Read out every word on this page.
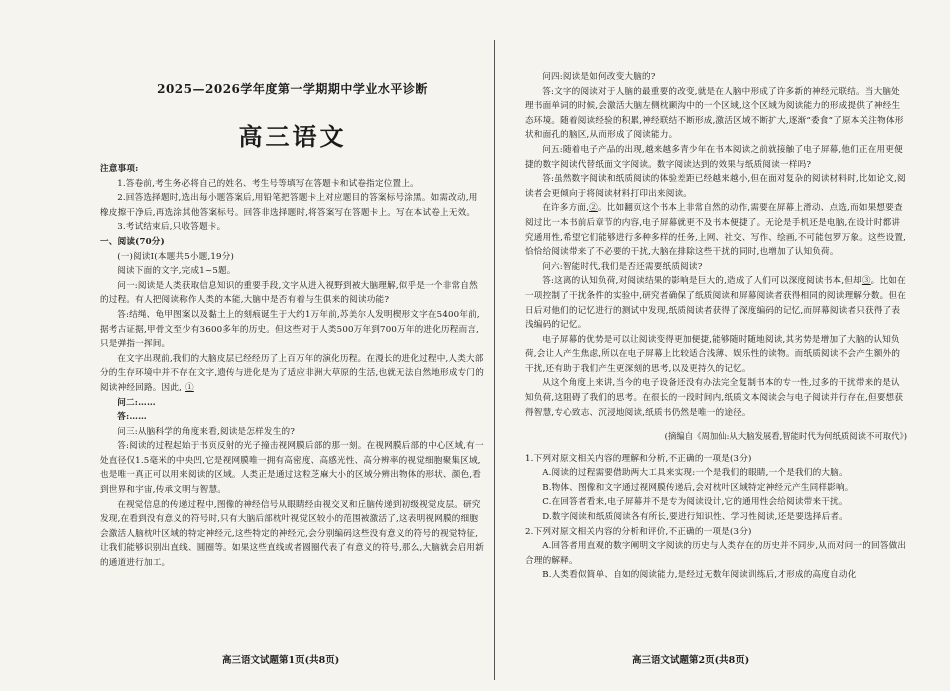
2025—2026学年度第一学期期中学业水平诊断
高三语文

注意事项:

1.答卷前,考生务必将自己的姓名、考生号等填写在答题卡和试卷指定位置上。

2.回答选择题时,选出每小题答案后,用铅笔把答题卡上对应题目的答案标号涂黑。如需改动,用橡皮擦干净后,再选涂其他答案标号。回答非选择题时,将答案写在答题卡上。写在本试卷上无效。

3.考试结束后,只收答题卡。

一、阅读(70分)

(一)阅读Ⅰ(本题共5小题,19分)

阅读下面的文字,完成1~5题。

问一:阅读是人类获取信息知识的重要手段,文字从进入视野到被大脑理解,似乎是一个非常自然的过程。有人把阅读称作人类的本能,大脑中是否有着与生俱来的阅读功能?

答:结绳、龟甲图案以及黏土上的刻痕诞生于大约1万年前,苏美尔人发明楔形文字在5400年前,据考古证据,甲骨文至少有3600多年的历史。但这些对于人类500万年到700万年的进化历程而言,只是弹指一挥间。

在文字出现前,我们的大脑皮层已经经历了上百万年的演化历程。在漫长的进化过程中,人类大部分的生存环境中并不存在文字,遗传与进化是为了适应非洲大草原的生活,也就无法自然地形成专门的阅读神经回路。因此, ①

问二:……

答:……

问三:从脑科学的角度来看,阅读是怎样发生的?

答:阅读的过程起始于书页反射的光子撞击视网膜后部的那一刻。在视网膜后部的中心区域,有一处直径仅1.5毫米的中央凹,它是视网膜唯一拥有高密度、高感光性、高分辨率的视觉细胞聚集区域,也是唯一真正可以用来阅读的区域。人类正是通过这粒芝麻大小的区域分辨出物体的形状、颜色,看到世界和宇宙,传承文明与智慧。

在视觉信息的传递过程中,图像的神经信号从眼睛经由视交叉和丘脑传递到初级视觉皮层。研究发现,在看到没有意义的符号时,只有大脑后部枕叶视觉区较小的范围被激活了,这表明视网膜的细胞会激活人脑枕叶区域的特定神经元,这些特定的神经元,会分别编码这些没有意义的符号的视觉特征,让我们能够识别出直线、圆圈等。如果这些直线或者圆圈代表了有意义的符号,那么,大脑就会启用新的通道进行加工。

问四:阅读是如何改变大脑的?

答:文字的阅读对于人脑的最重要的改变,就是在人脑中形成了许多新的神经元联结。当大脑处理书面单词的时候,会激活大脑左侧枕颞沟中的一个区域,这个区域为阅读能力的形成提供了神经生态环境。随着阅读经验的积累,神经联结不断形成,激活区域不断扩大,逐渐“委食”了原本关注物体形状和面孔的脑区,从而形成了阅读能力。

问五:随着电子产品的出现,越来越多青少年在书本阅读之前就接触了电子屏幕,他们正在用更便捷的数字阅读代替纸面文字阅读。数字阅读达到的效果与纸质阅读一样吗?

答:虽然数字阅读和纸质阅读的体验差距已经越来越小,但在面对复杂的阅读材料时,比如论文,阅读者会更倾向于将阅读材料打印出来阅读。

在许多方面,②。比如翻页这个书本上非常自然的动作,需要在屏幕上滑动、点选,而如果想要查阅过比一本书前后章节的内容,电子屏幕就更不及书本便捷了。无论是手机还是电脑,在设计时都讲究通用性,希望它们能够进行多种多样的任务,上网、社交、写作、绘画,不可能包罗万象。这些设置,恰恰给阅读带来了不必要的干扰,大脑在排除这些干扰的同时,也增加了认知负荷。

问六:智能时代,我们是否还需要纸质阅读?

答:这离的认知负荷,对阅读结果的影响是巨大的,造成了人们可以深度阅读书本,但却③。比如在一项控制了干扰条件的实验中,研究者确保了纸质阅读和屏幕阅读者获得相同的阅读理解分数。但在日后对他们的记忆进行的测试中发现,纸质阅读者获得了深度编码的记忆,而屏幕阅读者只获得了表浅编码的记忆。

电子屏幕的优势是可以让阅读变得更加便捷,能够随时随地阅读,其劣势是增加了大脑的认知负荷,会让人产生焦虑,所以在电子屏幕上比较适合浅薄、娱乐性的读物。而纸质阅读不会产生额外的干扰,还有助于我们产生更深刻的思考,以及更持久的记忆。

从这个角度上来讲,当今的电子设备还没有办法完全复制书本的专一性,过多的干扰带来的是认知负荷,这阻碍了我们的思考。在很长的一段时间内,纸质文本阅读会与电子阅读并行存在,但要想获得智慧,专心致志、沉浸地阅读,纸质书仍然是唯一的途径。

(摘编自《周加仙:从大脑发展看,智能时代为何纸质阅读不可取代》)

1.下列对原文相关内容的理解和分析,不正确的一项是(3分)

A.阅读的过程需要借助两大工具来实现:一个是我们的眼睛,一个是我们的大脑。

B.物体、图像和文字通过视网膜传递后,会对枕叶区域特定神经元产生同样影响。

C.在回答者看来,电子屏幕并不是专为阅读设计,它的通用性会给阅读带来干扰。

D.数字阅读和纸质阅读各有所长,要进行知识性、学习性阅读,还是要选择后者。

2.下列对原文相关内容的分析和评价,不正确的一项是(3分)

A.回答者用直观的数字阐明文字阅读的历史与人类存在的历史并不同步,从而对问一的回答做出合理的解释。

B.人类看似简单、自如的阅读能力,是经过无数年阅读训练后,才形成的高度自动化

高三语文试题第1页(共8页)	高三语文试题第2页(共8页)
